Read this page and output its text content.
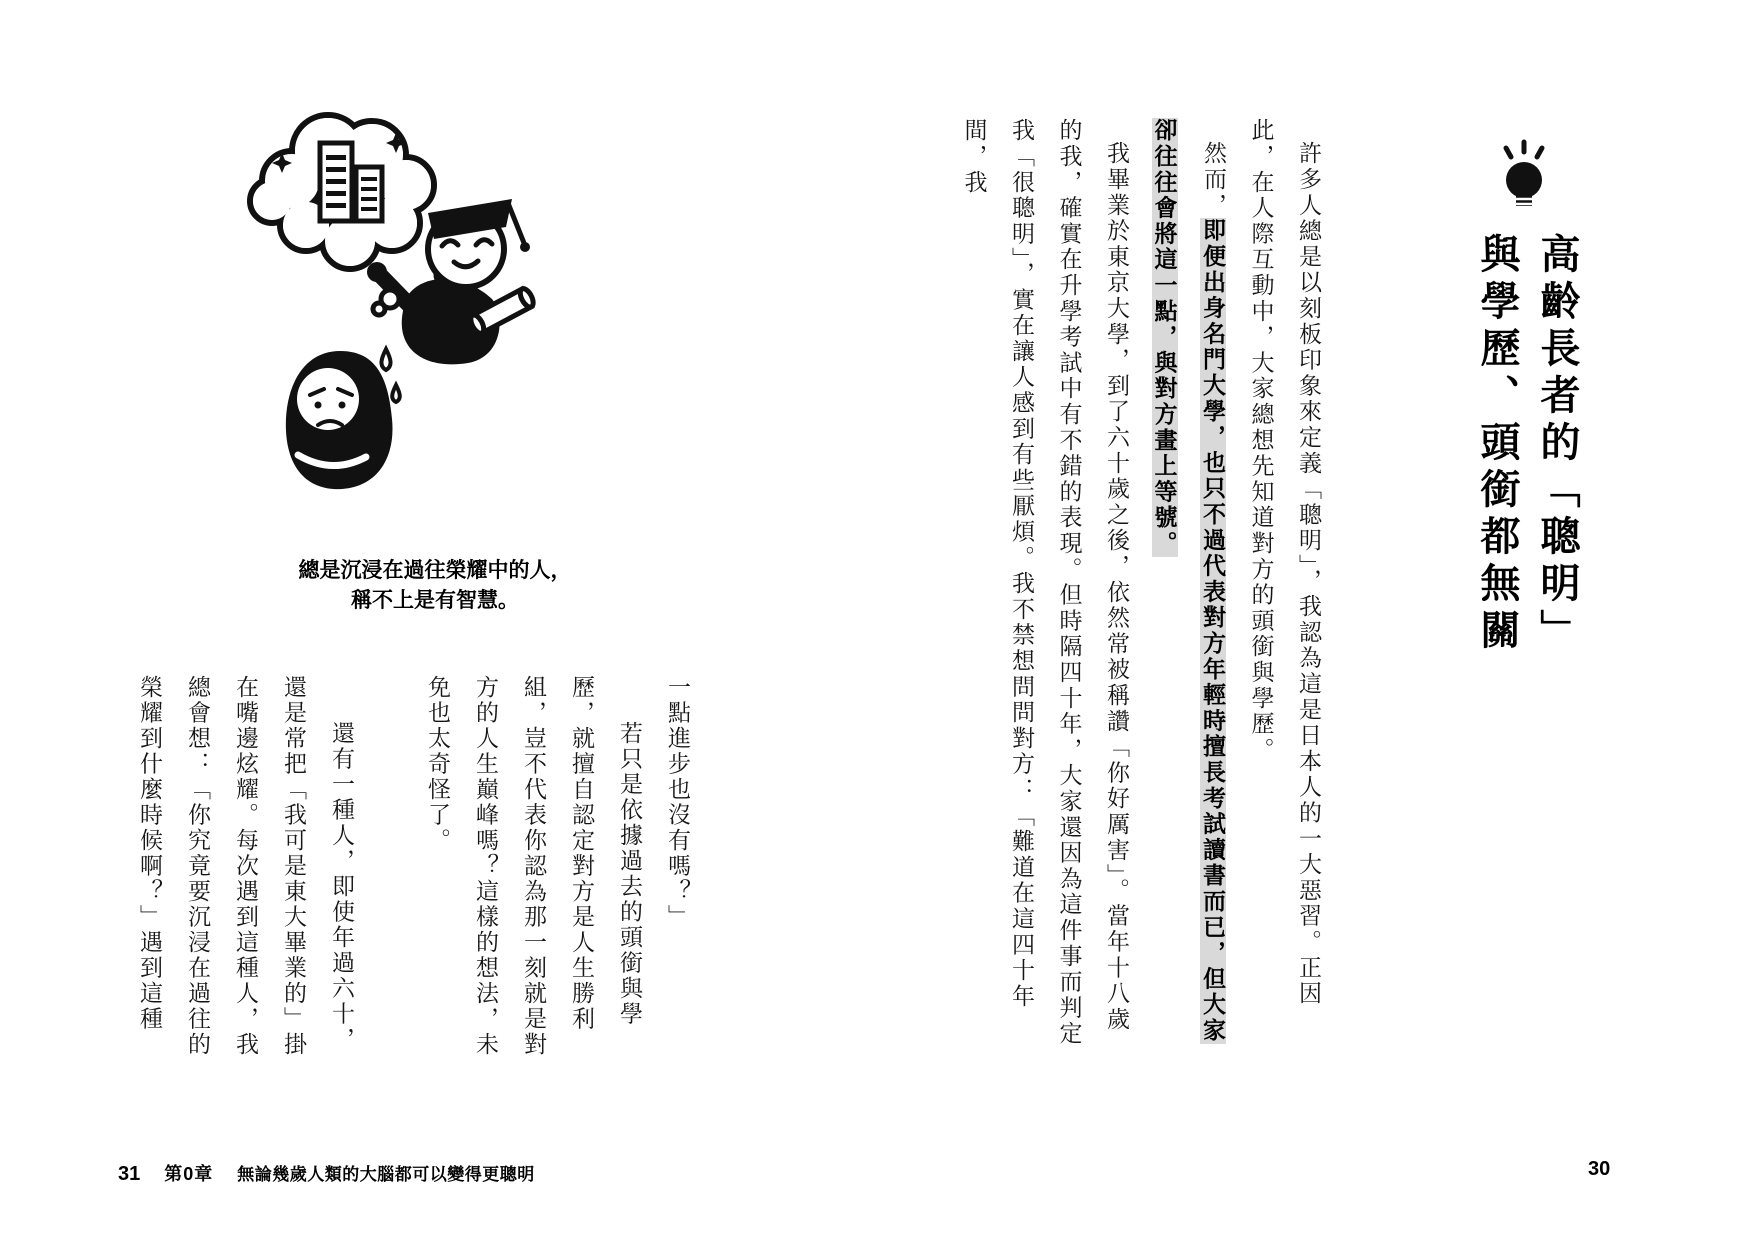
高齡長者的「聰明」
與學歷、頭銜都無關

許多人總是以刻板印象來定義「聰明」，我認為這是日本人的一大惡習。正因此，在人際互動中，大家總想先知道對方的頭銜與學歷。

然而，即便出身名門大學，也只不過代表對方年輕時擅長考試讀書而已，但大家卻往往會將這一點，與對方畫上等號。

我畢業於東京大學，到了六十歲之後，依然常被稱讚「你好厲害」。當年十八歲的我，確實在升學考試中有不錯的表現。但時隔四十年，大家還因為這件事而判定我「很聰明」，實在讓人感到有些厭煩。我不禁想問問對方：「難道在這四十年間，我

30
總是沉浸在過往榮耀中的人，
稱不上是有智慧。

一點進步也沒有嗎？」

若只是依據過去的頭銜與學歷，就擅自認定對方是人生勝利組，豈不代表你認為那一刻就是對方的人生巔峰嗎？這樣的想法，未免也太奇怪了。

還有一種人，即使年過六十，還是常把「我可是東大畢業的」掛在嘴邊炫耀。每次遇到這種人，我總會想：「你究竟要沉浸在過往的榮耀到什麼時候啊？」遇到這種

31 第0章 無論幾歲人類的大腦都可以變得更聰明
